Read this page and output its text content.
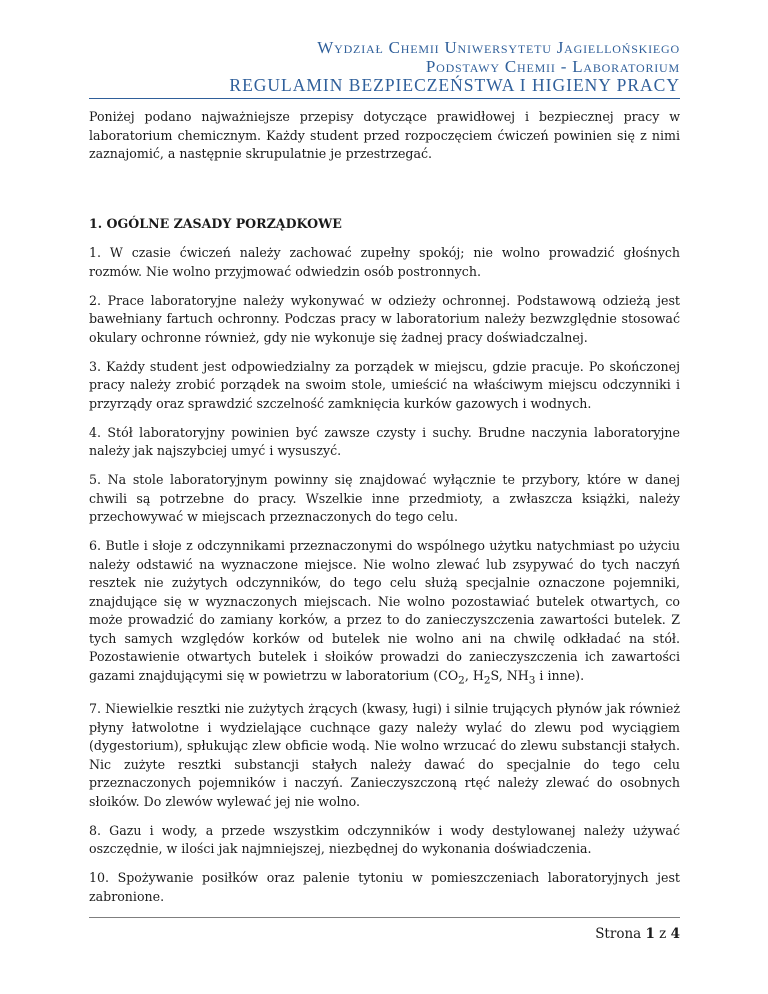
Wydział Chemii Uniwersytetu Jagiellońskiego
Podstawy Chemii - Laboratorium
REGULAMIN BEZPIECZEŃSTWA I HIGIENY PRACY

Poniżej podano najważniejsze przepisy dotyczące prawidłowej i bezpiecznej pracy w laboratorium chemicznym. Każdy student przed rozpoczęciem ćwiczeń powinien się z nimi zaznajomić, a następnie skrupulatnie je przestrzegać.

1. OGÓLNE ZASADY PORZĄDKOWE

1. W czasie ćwiczeń należy zachować zupełny spokój; nie wolno prowadzić głośnych rozmów. Nie wolno przyjmować odwiedzin osób postronnych.

2. Prace laboratoryjne należy wykonywać w odzieży ochronnej. Podstawową odzieżą jest bawełniany fartuch ochronny. Podczas pracy w laboratorium należy bezwzględnie stosować okulary ochronne również, gdy nie wykonuje się żadnej pracy doświadczalnej.

3. Każdy student jest odpowiedzialny za porządek w miejscu, gdzie pracuje. Po skończonej pracy należy zrobić porządek na swoim stole, umieścić na właściwym miejscu odczynniki i przyrządy oraz sprawdzić szczelność zamknięcia kurków gazowych i wodnych.

4. Stół laboratoryjny powinien być zawsze czysty i suchy. Brudne naczynia laboratoryjne należy jak najszybciej umyć i wysuszyć.

5. Na stole laboratoryjnym powinny się znajdować wyłącznie te przybory, które w danej chwili są potrzebne do pracy. Wszelkie inne przedmioty, a zwłaszcza książki, należy przechowywać w miejscach przeznaczonych do tego celu.

6. Butle i słoje z odczynnikami przeznaczonymi do wspólnego użytku natychmiast po użyciu należy odstawić na wyznaczone miejsce. Nie wolno zlewać lub zsypywać do tych naczyń resztek nie zużytych odczynników, do tego celu służą specjalnie oznaczone pojemniki, znajdujące się w wyznaczonych miejscach. Nie wolno pozostawiać butelek otwartych, co może prowadzić do zamiany korków, a przez to do zanieczyszczenia zawartości butelek. Z tych samych względów korków od butelek nie wolno ani na chwilę odkładać na stół. Pozostawienie otwartych butelek i słoików prowadzi do zanieczyszczenia ich zawartości gazami znajdującymi się w powietrzu w laboratorium ($CO_2$, $H_2S$, $NH_3$ i inne).

7. Niewielkie resztki nie zużytych żrących (kwasy, ługi) i silnie trujących płynów jak również płyny łatwolotne i wydzielające cuchnące gazy należy wylać do zlewu pod wyciągiem (dygestorium), spłukując zlew obficie wodą. Nie wolno wrzucać do zlewu substancji stałych. Nic zużyte resztki substancji stałych należy dawać do specjalnie do tego celu przeznaczonych pojemników i naczyń. Zanieczyszczoną rtęć należy zlewać do osobnych słoików. Do zlewów wylewać jej nie wolno.

8. Gazu i wody, a przede wszystkim odczynników i wody destylowanej należy używać oszczędnie, w ilości jak najmniejszej, niezbędnej do wykonania doświadczenia.

10. Spożywanie posiłków oraz palenie tytoniu w pomieszczeniach laboratoryjnych jest zabronione.

Strona 1 z 4
